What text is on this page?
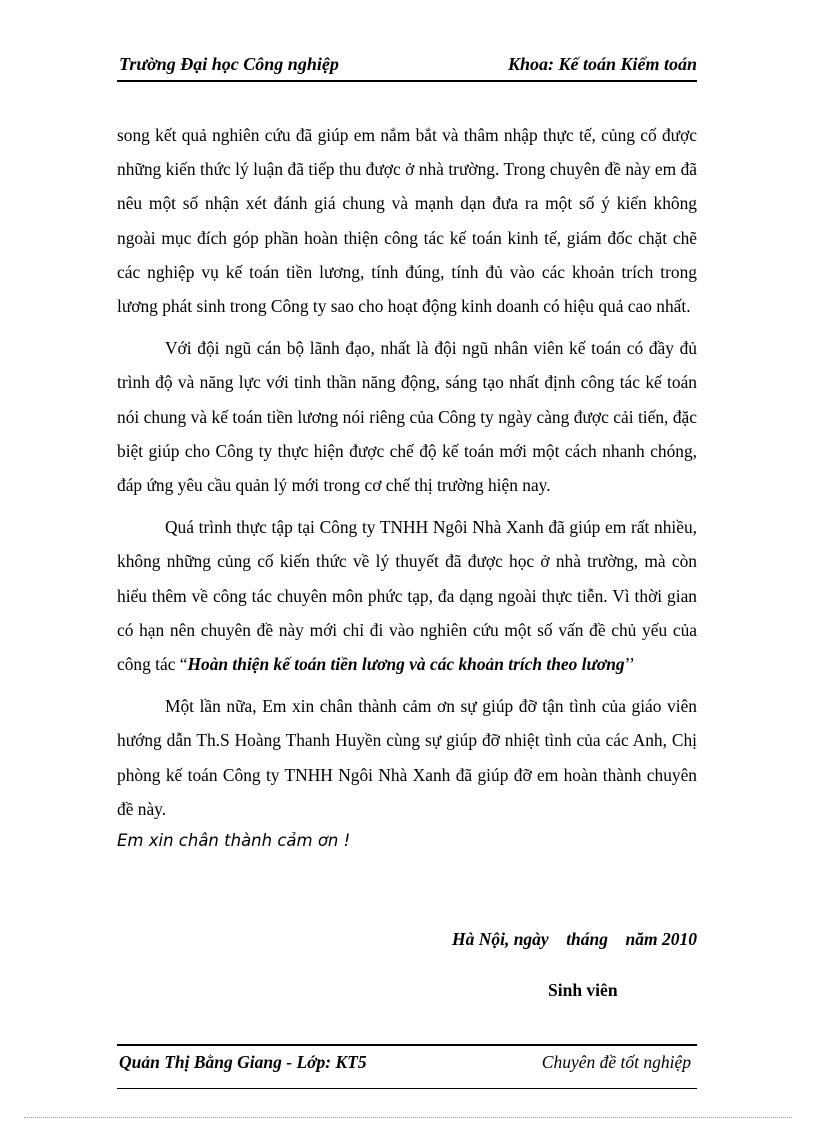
Trường Đại học Công nghiệp	Khoa: Kế toán Kiểm toán

song kết quả nghiên cứu đã giúp em nắm bắt và thâm nhập thực tế, củng cố được những kiến thức lý luận đã tiếp thu được ở nhà trường. Trong chuyên đề này em đã nêu một số nhận xét đánh giá chung và mạnh dạn đưa ra một số ý kiến không ngoài mục đích góp phần hoàn thiện công tác kế toán kinh tế, giám đốc chặt chẽ các nghiệp vụ kế toán tiền lương, tính đúng, tính đủ vào các khoản trích trong lương phát sinh trong Công ty sao cho hoạt động kinh doanh có hiệu quả cao nhất.

Với đội ngũ cán bộ lãnh đạo, nhất là đội ngũ nhân viên kế toán có đầy đủ trình độ và năng lực với tinh thần năng động, sáng tạo nhất định công tác kế toán nói chung và kế toán tiền lương nói riêng của Công ty ngày càng được cải tiến, đặc biệt giúp cho Công ty thực hiện được chế độ kế toán mới một cách nhanh chóng, đáp ứng yêu cầu quản lý mới trong cơ chế thị trường hiện nay.

Quá trình thực tập tại Công ty TNHH Ngôi Nhà Xanh đã giúp em rất nhiều, không những củng cố kiến thức về lý thuyết đã được học ở nhà trường, mà còn hiểu thêm về công tác chuyên môn phức tạp, đa dạng ngoài thực tiễn. Vì thời gian có hạn nên chuyên đề này mới chỉ đi vào nghiên cứu một số vấn đề chủ yếu của công tác “Hoàn thiện kế toán tiền lương và các khoản trích theo lương’’

Một lần nữa, Em xin chân thành cảm ơn sự giúp đỡ tận tình của giáo viên hướng dẫn Th.S Hoàng Thanh Huyền cùng sự giúp đỡ nhiệt tình của các Anh, Chị phòng kế toán Công ty TNHH Ngôi Nhà Xanh đã giúp đỡ em hoàn thành chuyên đề này.

Em xin chân thành cảm ơn !

Hà Nội, ngày    tháng    năm 2010
Sinh viên
Quản Thị Bằng Giang - Lớp: KT5	Chuyên đề tốt nghiệp
